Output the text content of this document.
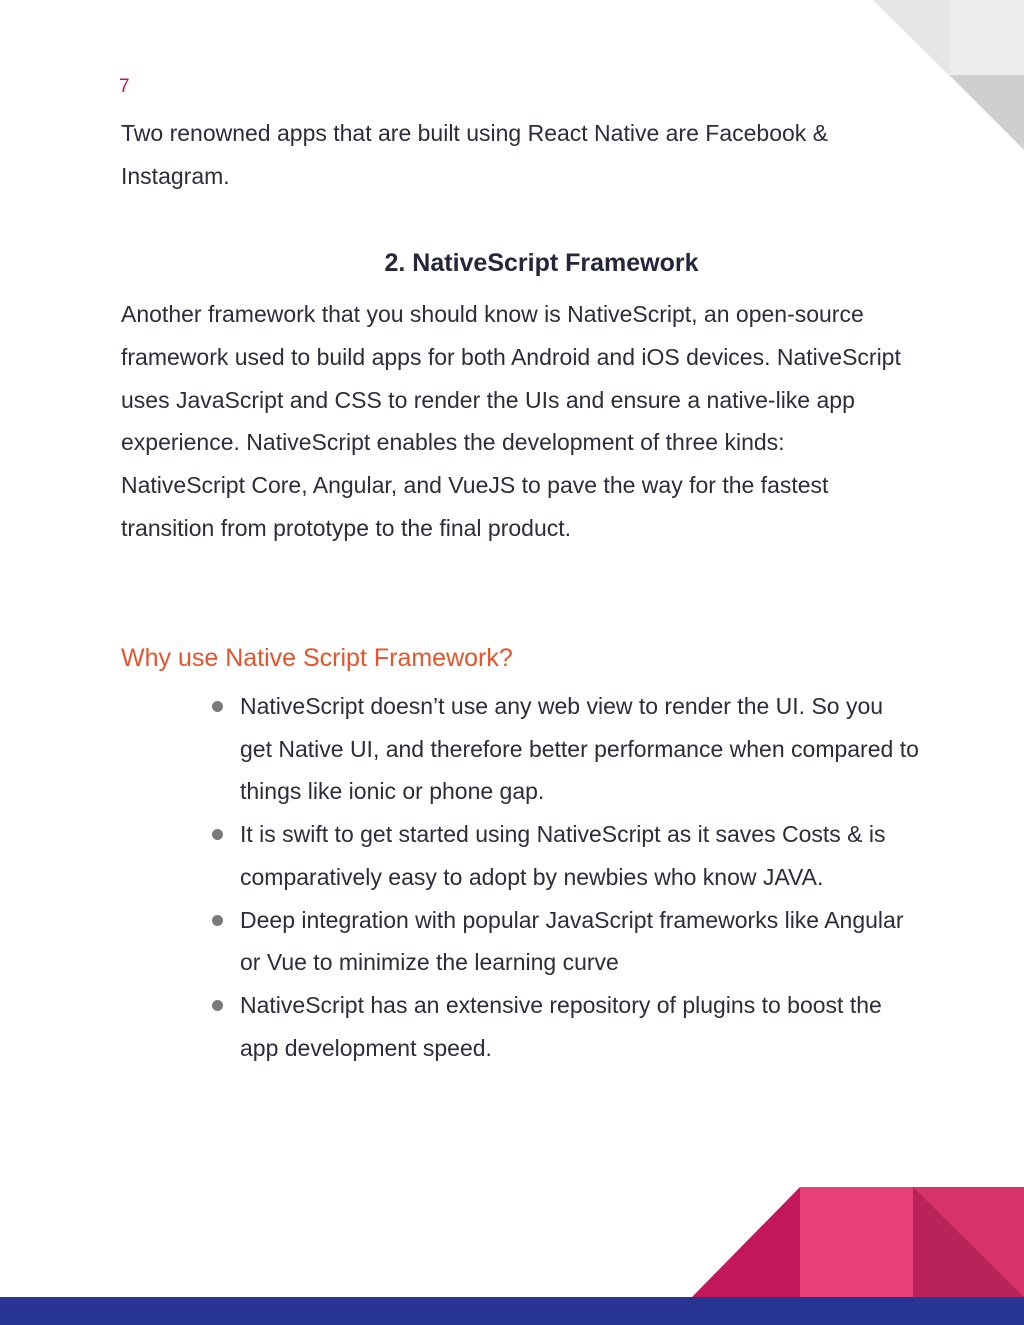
7

Two renowned apps that are built using React Native are Facebook & Instagram.

2. NativeScript Framework

Another framework that you should know is NativeScript, an open-source framework used to build apps for both Android and iOS devices. NativeScript uses JavaScript and CSS to render the UIs and ensure a native-like app experience. NativeScript enables the development of three kinds: NativeScript Core, Angular, and VueJS to pave the way for the fastest transition from prototype to the final product.

Why use Native Script Framework?
NativeScript doesn’t use any web view to render the UI. So you get Native UI, and therefore better performance when compared to things like ionic or phone gap.
It is swift to get started using NativeScript as it saves Costs & is comparatively easy to adopt by newbies who know JAVA.
Deep integration with popular JavaScript frameworks like Angular or Vue to minimize the learning curve
NativeScript has an extensive repository of plugins to boost the app development speed.
